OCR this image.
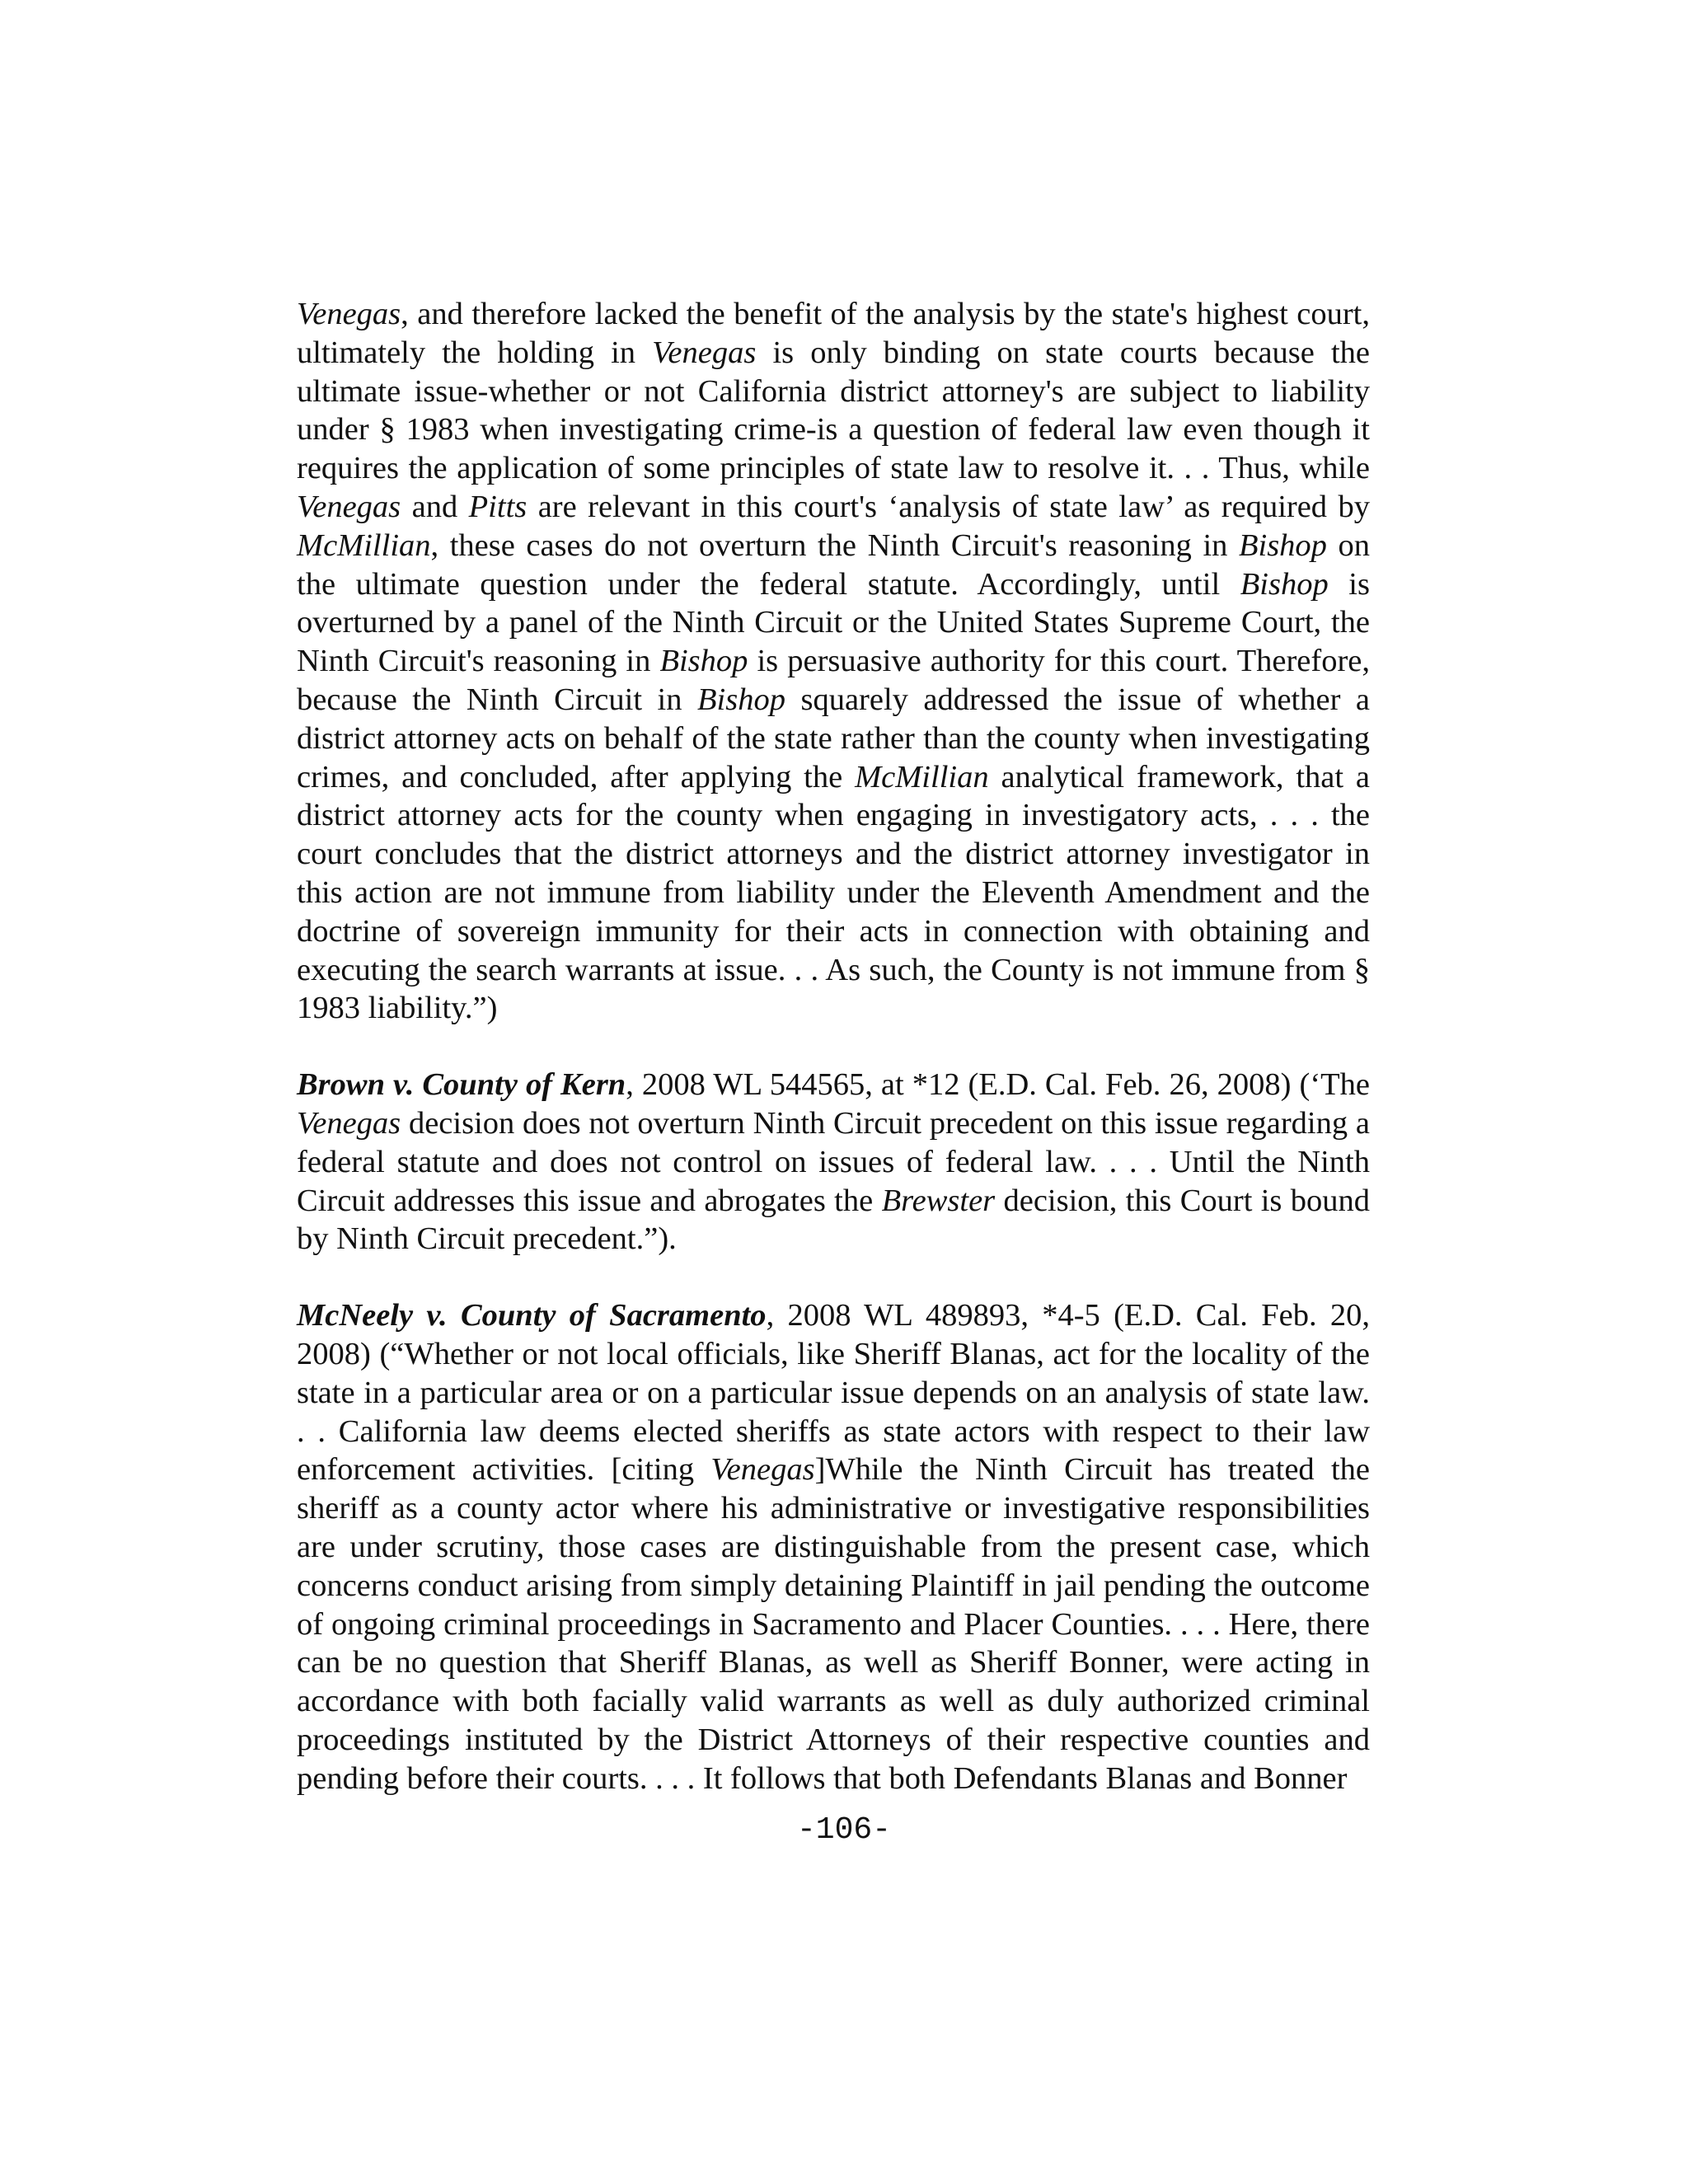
Venegas, and therefore lacked the benefit of the analysis by the state's highest court, ultimately the holding in Venegas is only binding on state courts because the ultimate issue-whether or not California district attorney's are subject to liability under § 1983 when investigating crime-is a question of federal law even though it requires the application of some principles of state law to resolve it. . . Thus, while Venegas and Pitts are relevant in this court's ‘analysis of state law’ as required by McMillian, these cases do not overturn the Ninth Circuit's reasoning in Bishop on the ultimate question under the federal statute. Accordingly, until Bishop is overturned by a panel of the Ninth Circuit or the United States Supreme Court, the Ninth Circuit's reasoning in Bishop is persuasive authority for this court. Therefore, because the Ninth Circuit in Bishop squarely addressed the issue of whether a district attorney acts on behalf of the state rather than the county when investigating crimes, and concluded, after applying the McMillian analytical framework, that a district attorney acts for the county when engaging in investigatory acts, . . . the court concludes that the district attorneys and the district attorney investigator in this action are not immune from liability under the Eleventh Amendment and the doctrine of sovereign immunity for their acts in connection with obtaining and executing the search warrants at issue. . . As such, the County is not immune from § 1983 liability.”)

Brown v. County of Kern, 2008 WL 544565, at *12 (E.D. Cal. Feb. 26, 2008) (‘The Venegas decision does not overturn Ninth Circuit precedent on this issue regarding a federal statute and does not control on issues of federal law. . . . Until the Ninth Circuit addresses this issue and abrogates the Brewster decision, this Court is bound by Ninth Circuit precedent.”).

McNeely v. County of Sacramento, 2008 WL 489893, *4-5 (E.D. Cal. Feb. 20, 2008) (“Whether or not local officials, like Sheriff Blanas, act for the locality of the state in a particular area or on a particular issue depends on an analysis of state law. . . California law deems elected sheriffs as state actors with respect to their law enforcement activities. [citing Venegas]While the Ninth Circuit has treated the sheriff as a county actor where his administrative or investigative responsibilities are under scrutiny, those cases are distinguishable from the present case, which concerns conduct arising from simply detaining Plaintiff in jail pending the outcome of ongoing criminal proceedings in Sacramento and Placer Counties. . . . Here, there can be no question that Sheriff Blanas, as well as Sheriff Bonner, were acting in accordance with both facially valid warrants as well as duly authorized criminal proceedings instituted by the District Attorneys of their respective counties and pending before their courts. . . . It follows that both Defendants Blanas and Bonner

-106-
